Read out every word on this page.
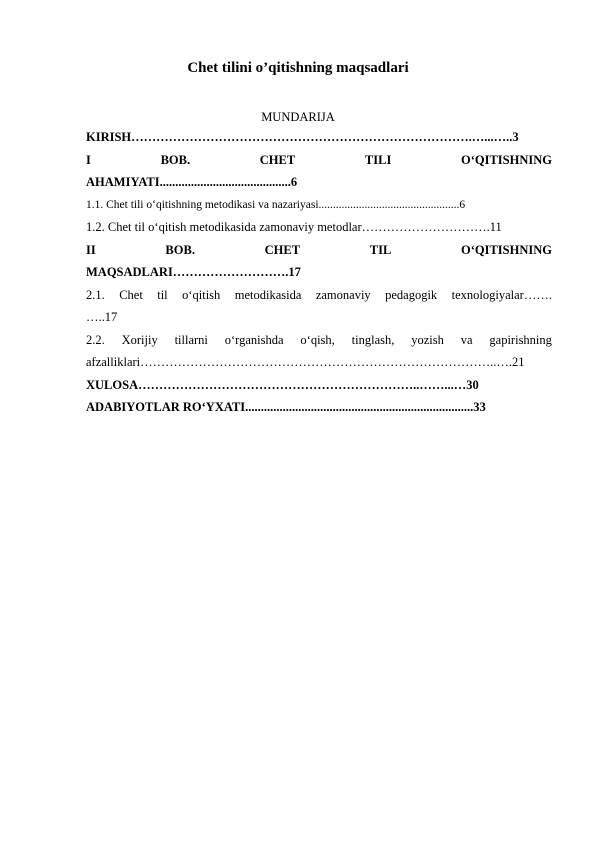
Chet tilini o’qitishning maqsadlari
MUNDARIJA
KIRISH……………………………………………………………………….…...…..3
I	BOB.	CHET	TILI	O‘QITISHNING
AHAMIYATI..........................................6
1.1. Chet tili o‘qitishning metodikasi va nazariyasi.................................................6
1.2. Chet til o‘qitish metodikasida zamonaviy metodlar………………………….11
II	BOB.	CHET	TIL	O‘QITISHNING
MAQSADLARI……………………….17
2.1. Chet til o‘qitish metodikasida zamonaviy pedagogik texnologiyalar…….
…..17
2.2. Xorijiy tillarni o‘rganishda o‘qish, tinglash, yozish va gapirishning
afzalliklari…………………………………………………………………………..….21
XULOSA…………………………………………………………..……...…30
ADABIYOTLAR RO‘YXATI.........................................................................33
